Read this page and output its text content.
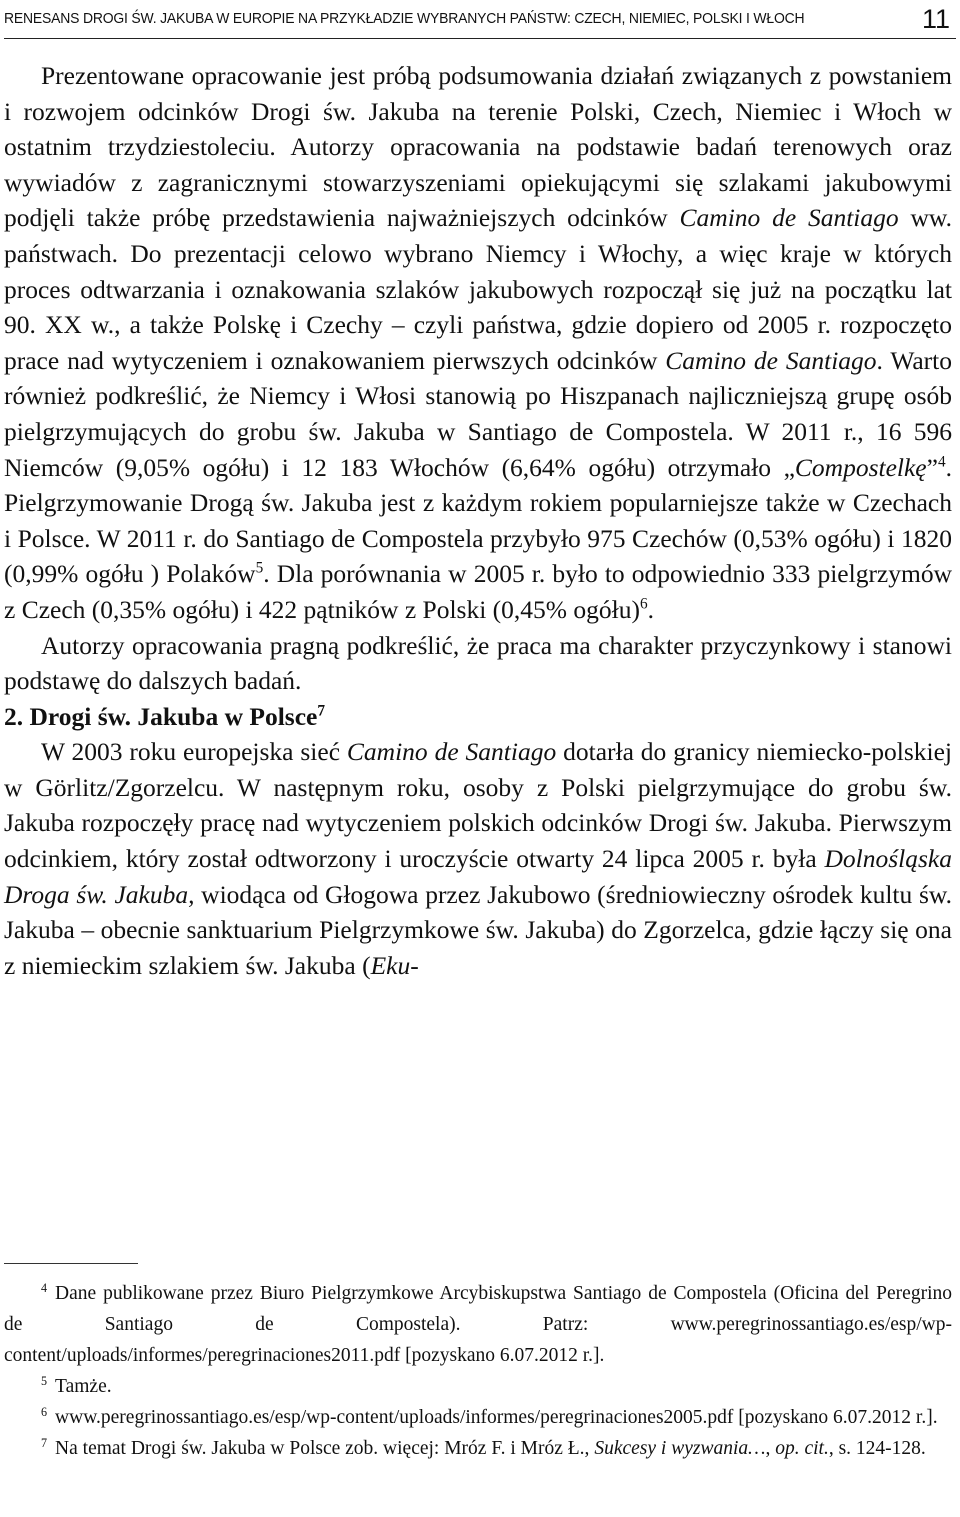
RENESANS DROGI ŚW. JAKUBA W EUROPIE NA PRZYKŁADZIE WYBRANYCH PAŃSTW: CZECH, NIEMIEC, POLSKI I WŁOCH	11

Prezentowane opracowanie jest próbą podsumowania działań związanych z powstaniem i rozwojem odcinków Drogi św. Jakuba na terenie Polski, Czech, Niemiec i Włoch w ostatnim trzydziestoleciu. Autorzy opracowania na podstawie badań terenowych oraz wywiadów z zagranicznymi stowarzyszeniami opiekującymi się szlakami jakubowymi podjęli także próbę przedstawienia najważniejszych odcinków Camino de Santiago ww. państwach. Do prezentacji celowo wybrano Niemcy i Włochy, a więc kraje w których proces odtwarzania i oznakowania szlaków jakubowych rozpoczął się już na początku lat 90. XX w., a także Polskę i Czechy – czyli państwa, gdzie dopiero od 2005 r. rozpoczęto prace nad wytyczeniem i oznakowaniem pierwszych odcinków Camino de Santiago. Warto również podkreślić, że Niemcy i Włosi stanowią po Hiszpanach najliczniejszą grupę osób pielgrzymujących do grobu św. Jakuba w Santiago de Compostela. W 2011 r., 16 596 Niemców (9,05% ogółu) i 12 183 Włochów (6,64% ogółu) otrzymało „Compostelkę”$^4$. Pielgrzymowanie Drogą św. Jakuba jest z każdym rokiem popularniejsze także w Czechach i Polsce. W 2011 r. do Santiago de Compostela przybyło 975 Czechów (0,53% ogółu) i 1820 (0,99% ogółu ) Polaków$^5$. Dla porównania w 2005 r. było to odpowiednio 333 pielgrzymów z Czech (0,35% ogółu) i 422 pątników z Polski (0,45% ogółu)$^6$.

Autorzy opracowania pragną podkreślić, że praca ma charakter przyczynkowy i stanowi podstawę do dalszych badań.

2. Drogi św. Jakuba w Polsce$^7$

W 2003 roku europejska sieć Camino de Santiago dotarła do granicy niemiecko-polskiej w Görlitz/Zgorzelcu. W następnym roku, osoby z Polski pielgrzymujące do grobu św. Jakuba rozpoczęły pracę nad wytyczeniem polskich odcinków Drogi św. Jakuba. Pierwszym odcinkiem, który został odtworzony i uroczyście otwarty 24 lipca 2005 r. była Dolnośląska Droga św. Jakuba, wiodąca od Głogowa przez Jakubowo (średniowieczny ośrodek kultu św. Jakuba – obecnie sanktuarium Pielgrzymkowe św. Jakuba) do Zgorzelca, gdzie łączy się ona z niemieckim szlakiem św. Jakuba (Eku-

$^4$ Dane publikowane przez Biuro Pielgrzymkowe Arcybiskupstwa Santiago de Compostela (Oficina del Peregrino de Santiago de Compostela). Patrz: www.peregrinossantiago.es/esp/wp-content/uploads/informes/peregrinaciones2011.pdf [pozyskano 6.07.2012 r.].

$^5$ Tamże.

$^6$ www.peregrinossantiago.es/esp/wp-content/uploads/informes/peregrinaciones2005.pdf [pozyskano 6.07.2012 r.].

$^7$ Na temat Drogi św. Jakuba w Polsce zob. więcej: Mróz F. i Mróz Ł., Sukcesy i wyzwania…, op. cit., s. 124-128.
